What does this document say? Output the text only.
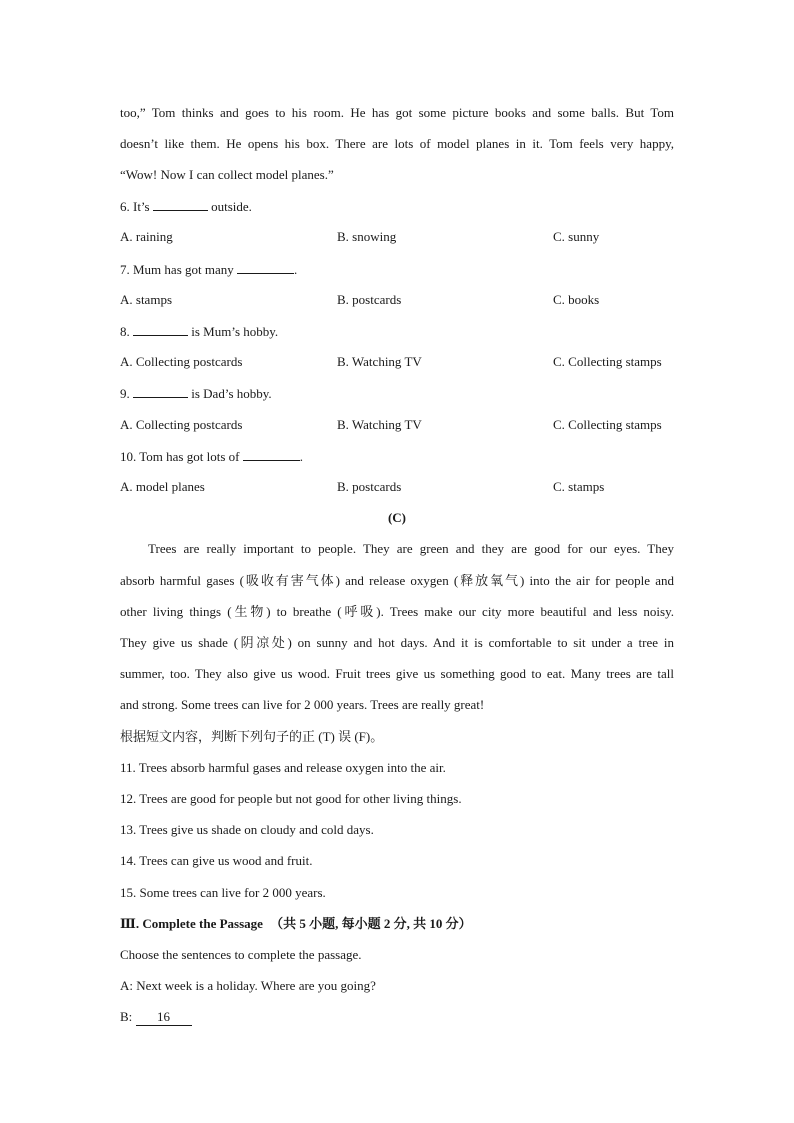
too,” Tom thinks and goes to his room. He has got some picture books and some balls. But Tom
doesn’t like them. He opens his box. There are lots of model planes in it. Tom feels very happy,
“Wow! Now I can collect model planes.”
6. It’s	outside.
A. raining	B. snowing	C. sunny
7. Mum has got many	.
A. stamps	B. postcards	C. books
8.	is Mum’s hobby.
A. Collecting postcards	B. Watching TV	C. Collecting stamps
9.	is Dad’s hobby.
A. Collecting postcards	B. Watching TV	C. Collecting stamps
10. Tom has got lots of	.
A. model planes	B. postcards	C. stamps
(C)
Trees are really important to people. They are green and they are good for our eyes. They
absorb harmful gases (吸收有害气体) and release oxygen (释放氧气) into the air for people and
other living things (生物) to breathe (呼吸). Trees make our city more beautiful and less noisy.
They give us shade (阴凉处) on sunny and hot days. And it is comfortable to sit under a tree in
summer, too. They also give us wood. Fruit trees give us something good to eat. Many trees are tall
and strong. Some trees can live for 2 000 years. Trees are really great!
根据短文内容，判断下列句子的正 (T) 误 (F)。
11. Trees absorb harmful gases and release oxygen into the air.
12. Trees are good for people but not good for other living things.
13. Trees give us shade on cloudy and cold days.
14. Trees can give us wood and fruit.
15. Some trees can live for 2 000 years.
Ⅲ. Complete the Passage （共 5 小题, 每小题 2 分, 共 10 分）
Choose the sentences to complete the passage.
A: Next week is a holiday. Where are you going?
B: 16
